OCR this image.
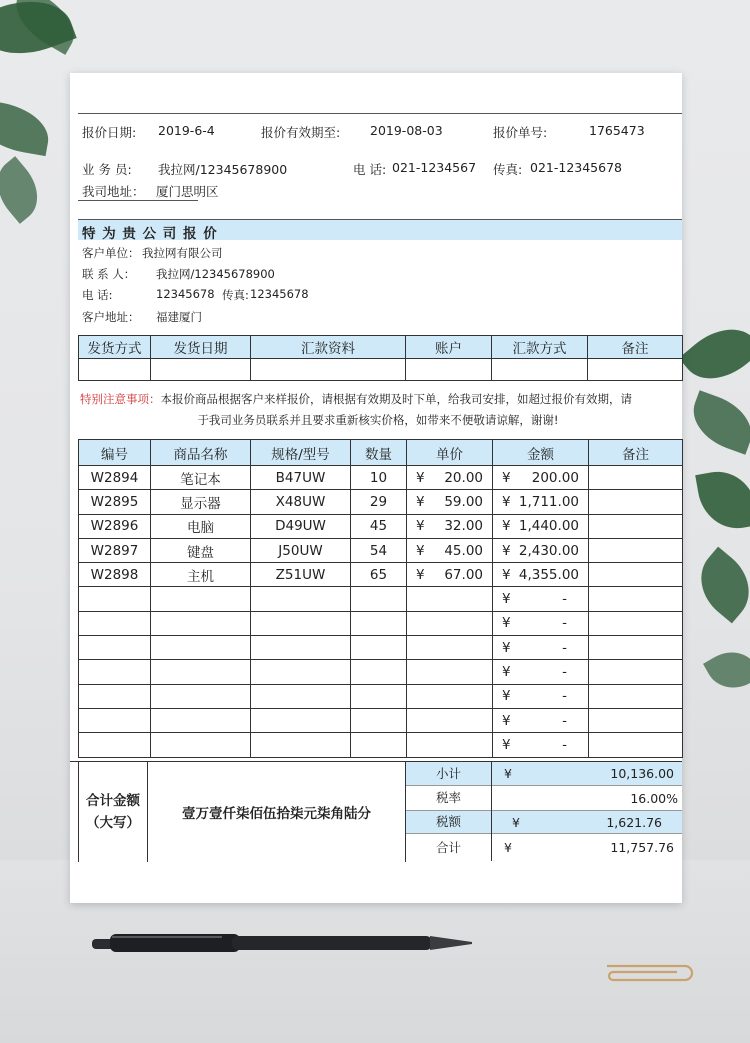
报价日期: 2019-6-4	报价有效期至: 2019-08-03	报价单号:	1765473
业 务 员: 我拉网/12345678900	电 话: 021-1234567 传真: 021-12345678
我司地址： 厦门思明区
特 为 贵 公 司 报 价
客户单位： 我拉网有限公司
联 系 人： 我拉网/12345678900
电 话:	12345678 传真: 12345678
客户地址： 福建厦门
发货方式	发货日期	汇款资料	账户	汇款方式	备注

特别注意事项：本报价商品根据客户来样报价，请根据有效期及时下单，给我司安排，如超过报价有效期，请
于我司业务员联系并且要求重新核实价格，如带来不便敬请谅解，谢谢!
编号	商品名称	规格/型号	数量	单价	金额	备注
W2894	笔记本	B47UW	10	¥ 20.00	¥ 200.00	

W2895	显示器	X48UW	29	¥ 59.00	¥ 1,711.00	

W2896	电脑	D49UW	45	¥ 32.00	¥ 1,440.00	

W2897	键盘	J50UW	54	¥ 45.00	¥ 2,430.00	

W2898	主机	Z51UW	65	¥ 67.00	¥ 4,355.00	

					¥ -	

					¥ -	

					¥ -	

					¥ -	

					¥ -	

					¥ -	

					¥ -	

合计金额
（大写）
壹万壹仟柒佰伍拾柒元柒角陆分
小计	¥	10,136.00
税率	16.00%
税额	¥	1,621.76
合计	¥	11,757.76
